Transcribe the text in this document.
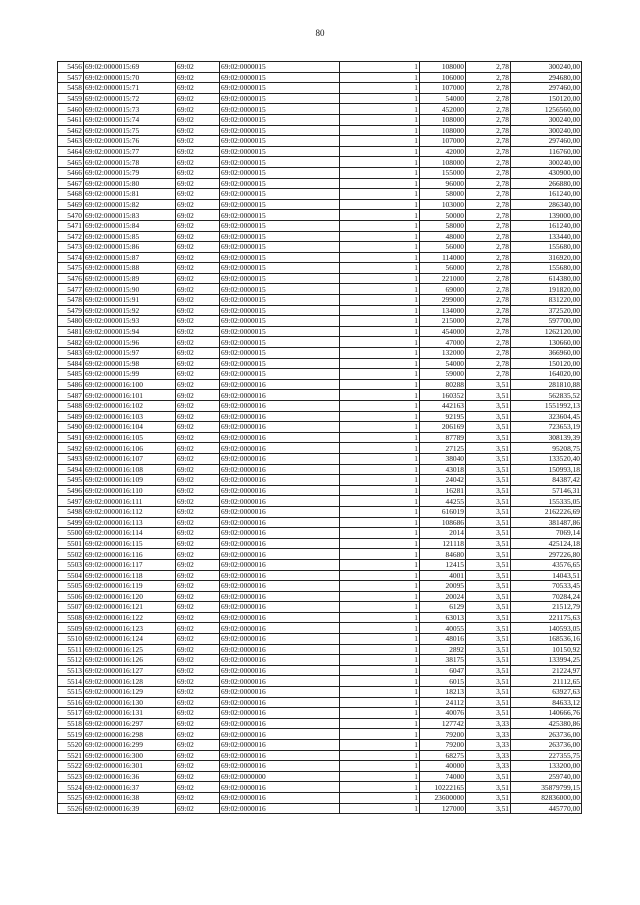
80
5456	69:02:0000015:69	69:02	69:02:0000015	1	108000	2,78	300240,00
5457	69:02:0000015:70	69:02	69:02:0000015	1	106000	2,78	294680,00
5458	69:02:0000015:71	69:02	69:02:0000015	1	107000	2,78	297460,00
5459	69:02:0000015:72	69:02	69:02:0000015	1	54000	2,78	150120,00
5460	69:02:0000015:73	69:02	69:02:0000015	1	452000	2,78	1256560,00
5461	69:02:0000015:74	69:02	69:02:0000015	1	108000	2,78	300240,00
5462	69:02:0000015:75	69:02	69:02:0000015	1	108000	2,78	300240,00
5463	69:02:0000015:76	69:02	69:02:0000015	1	107000	2,78	297460,00
5464	69:02:0000015:77	69:02	69:02:0000015	1	42000	2,78	116760,00
5465	69:02:0000015:78	69:02	69:02:0000015	1	108000	2,78	300240,00
5466	69:02:0000015:79	69:02	69:02:0000015	1	155000	2,78	430900,00
5467	69:02:0000015:80	69:02	69:02:0000015	1	96000	2,78	266880,00
5468	69:02:0000015:81	69:02	69:02:0000015	1	58000	2,78	161240,00
5469	69:02:0000015:82	69:02	69:02:0000015	1	103000	2,78	286340,00
5470	69:02:0000015:83	69:02	69:02:0000015	1	50000	2,78	139000,00
5471	69:02:0000015:84	69:02	69:02:0000015	1	58000	2,78	161240,00
5472	69:02:0000015:85	69:02	69:02:0000015	1	48000	2,78	133440,00
5473	69:02:0000015:86	69:02	69:02:0000015	1	56000	2,78	155680,00
5474	69:02:0000015:87	69:02	69:02:0000015	1	114000	2,78	316920,00
5475	69:02:0000015:88	69:02	69:02:0000015	1	56000	2,78	155680,00
5476	69:02:0000015:89	69:02	69:02:0000015	1	221000	2,78	614380,00
5477	69:02:0000015:90	69:02	69:02:0000015	1	69000	2,78	191820,00
5478	69:02:0000015:91	69:02	69:02:0000015	1	299000	2,78	831220,00
5479	69:02:0000015:92	69:02	69:02:0000015	1	134000	2,78	372520,00
5480	69:02:0000015:93	69:02	69:02:0000015	1	215000	2,78	597700,00
5481	69:02:0000015:94	69:02	69:02:0000015	1	454000	2,78	1262120,00
5482	69:02:0000015:96	69:02	69:02:0000015	1	47000	2,78	130660,00
5483	69:02:0000015:97	69:02	69:02:0000015	1	132000	2,78	366960,00
5484	69:02:0000015:98	69:02	69:02:0000015	1	54000	2,78	150120,00
5485	69:02:0000015:99	69:02	69:02:0000015	1	59000	2,78	164020,00
5486	69:02:0000016:100	69:02	69:02:0000016	1	80288	3,51	281810,88
5487	69:02:0000016:101	69:02	69:02:0000016	1	160352	3,51	562835,52
5488	69:02:0000016:102	69:02	69:02:0000016	1	442163	3,51	1551992,13
5489	69:02:0000016:103	69:02	69:02:0000016	1	92195	3,51	323604,45
5490	69:02:0000016:104	69:02	69:02:0000016	1	206169	3,51	723653,19
5491	69:02:0000016:105	69:02	69:02:0000016	1	87789	3,51	308139,39
5492	69:02:0000016:106	69:02	69:02:0000016	1	27125	3,51	95208,75
5493	69:02:0000016:107	69:02	69:02:0000016	1	38040	3,51	133520,40
5494	69:02:0000016:108	69:02	69:02:0000016	1	43018	3,51	150993,18
5495	69:02:0000016:109	69:02	69:02:0000016	1	24042	3,51	84387,42
5496	69:02:0000016:110	69:02	69:02:0000016	1	16281	3,51	57146,31
5497	69:02:0000016:111	69:02	69:02:0000016	1	44255	3,51	155335,05
5498	69:02:0000016:112	69:02	69:02:0000016	1	616019	3,51	2162226,69
5499	69:02:0000016:113	69:02	69:02:0000016	1	108686	3,51	381487,86
5500	69:02:0000016:114	69:02	69:02:0000016	1	2014	3,51	7069,14
5501	69:02:0000016:115	69:02	69:02:0000016	1	121118	3,51	425124,18
5502	69:02:0000016:116	69:02	69:02:0000016	1	84680	3,51	297226,80
5503	69:02:0000016:117	69:02	69:02:0000016	1	12415	3,51	43576,65
5504	69:02:0000016:118	69:02	69:02:0000016	1	4001	3,51	14043,51
5505	69:02:0000016:119	69:02	69:02:0000016	1	20095	3,51	70533,45
5506	69:02:0000016:120	69:02	69:02:0000016	1	20024	3,51	70284,24
5507	69:02:0000016:121	69:02	69:02:0000016	1	6129	3,51	21512,79
5508	69:02:0000016:122	69:02	69:02:0000016	1	63013	3,51	221175,63
5509	69:02:0000016:123	69:02	69:02:0000016	1	40055	3,51	140593,05
5510	69:02:0000016:124	69:02	69:02:0000016	1	48016	3,51	168536,16
5511	69:02:0000016:125	69:02	69:02:0000016	1	2892	3,51	10150,92
5512	69:02:0000016:126	69:02	69:02:0000016	1	38175	3,51	133994,25
5513	69:02:0000016:127	69:02	69:02:0000016	1	6047	3,51	21224,97
5514	69:02:0000016:128	69:02	69:02:0000016	1	6015	3,51	21112,65
5515	69:02:0000016:129	69:02	69:02:0000016	1	18213	3,51	63927,63
5516	69:02:0000016:130	69:02	69:02:0000016	1	24112	3,51	84633,12
5517	69:02:0000016:131	69:02	69:02:0000016	1	40076	3,51	140666,76
5518	69:02:0000016:297	69:02	69:02:0000016	1	127742	3,33	425380,86
5519	69:02:0000016:298	69:02	69:02:0000016	1	79200	3,33	263736,00
5520	69:02:0000016:299	69:02	69:02:0000016	1	79200	3,33	263736,00
5521	69:02:0000016:300	69:02	69:02:0000016	1	68275	3,33	227355,75
5522	69:02:0000016:301	69:02	69:02:0000016	1	40000	3,33	133200,00
5523	69:02:0000016:36	69:02	69:02:0000000	1	74000	3,51	259740,00
5524	69:02:0000016:37	69:02	69:02:0000016	1	10222165	3,51	35879799,15
5525	69:02:0000016:38	69:02	69:02:0000016	1	23600000	3,51	82836000,00
5526	69:02:0000016:39	69:02	69:02:0000016	1	127000	3,51	445770,00
